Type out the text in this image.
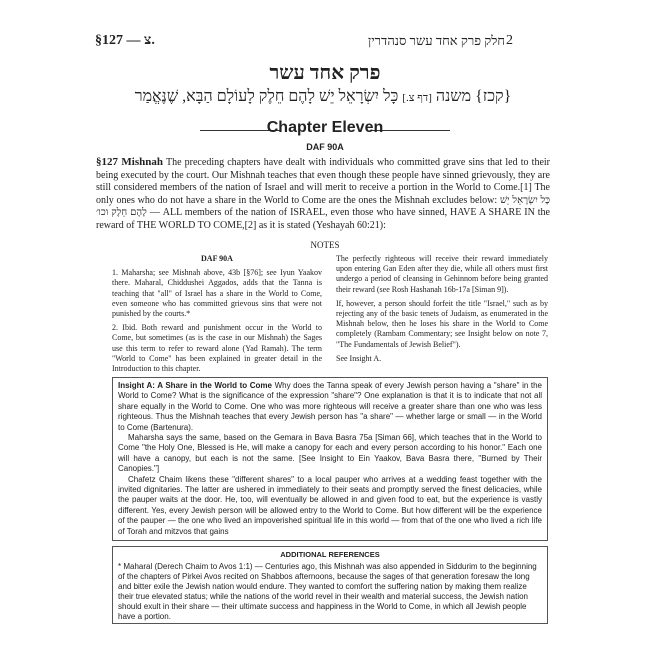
§127 — צ.	חלק פרק אחד עשר סנהדרין 2
פרק אחד עשר
{קכז} משנה [דף צ.] כָּל יִשְׂרָאֵל יֵשׁ לָהֶם חֵלֶק לָעוֹלָם הַבָּא, שֶׁנֶּאֱמַר
Chapter Eleven
DAF 90A
§127 Mishnah The preceding chapters have dealt with individuals who committed grave sins that led to their being executed by the court. Our Mishnah teaches that even though these people have sinned grievously, they are still considered members of the nation of Israel and will merit to receive a portion in the World to Come.[1] The only ones who do not have a share in the World to Come are the ones the Mishnah excludes below: כָּל יִשְׂרָאֵל יֵשׁ לָהֶם חֵלֶק וכו׳ — ALL members of the nation of ISRAEL, even those who have sinned, HAVE A SHARE IN the reward of THE WORLD TO COME,[2] as it is stated (Yeshayah 60:21):
NOTES
DAF 90A

1. Maharsha; see Mishnah above, 43b [§76]; see Iyun Yaakov there. Maharal, Chiddushei Aggados, adds that the Tanna is teaching that "all" of Israel has a share in the World to Come, even someone who has committed grievous sins that were not punished by the courts.*

2. Ibid. Both reward and punishment occur in the World to Come, but sometimes (as is the case in our Mishnah) the Sages use this term to refer to reward alone (Yad Ramah). The term "World to Come" has been explained in greater detail in the Introduction to this chapter.

The perfectly righteous will receive their reward immediately upon entering Gan Eden after they die, while all others must first undergo a period of cleansing in Gehinnom before being granted their reward (see Rosh Hashanah 16b-17a [Siman 9]).

If, however, a person should forfeit the title "Israel," such as by rejecting any of the basic tenets of Judaism, as enumerated in the Mishnah below, then he loses his share in the World to Come completely (Rambam Commentary; see Insight below on note 7, "The Fundamentals of Jewish Belief").

See Insight A.

Insight A: A Share in the World to Come Why does the Tanna speak of every Jewish person having a "share" in the World to Come? What is the significance of the expression "share"? One explanation is that it is to indicate that not all share equally in the World to Come. One who was more righteous will receive a greater share than one who was less righteous. Thus the Mishnah teaches that every Jewish person has "a share" — whether large or small — in the World to Come (Bartenura).

Maharsha says the same, based on the Gemara in Bava Basra 75a [Siman 66], which teaches that in the World to Come "the Holy One, Blessed is He, will make a canopy for each and every person according to his honor." Each one will have a canopy, but each is not the same. [See Insight to Ein Yaakov, Bava Basra there, "Burned by Their Canopies."]

Chafetz Chaim likens these "different shares" to a local pauper who arrives at a wedding feast together with the invited dignitaries. The latter are ushered in immediately to their seats and promptly served the finest delicacies, while the pauper waits at the door. He, too, will eventually be allowed in and given food to eat, but the experience is vastly different. Yes, every Jewish person will be allowed entry to the World to Come. But how different will be the experience of the pauper — the one who lived an impoverished spiritual life in this world — from that of the one who lived a rich life of Torah and mitzvos that gains

ADDITIONAL REFERENCES
* Maharal (Derech Chaim to Avos 1:1) — Centuries ago, this Mishnah was also appended in Siddurim to the beginning of the chapters of Pirkei Avos recited on Shabbos afternoons, because the sages of that generation foresaw the long and bitter exile the Jewish nation would endure. They wanted to comfort the suffering nation by making them realize their true elevated status; while the nations of the world revel in their wealth and material success, the Jewish nation should exult in their share — their ultimate success and happiness in the World to Come, in which all Jewish people have a portion.
